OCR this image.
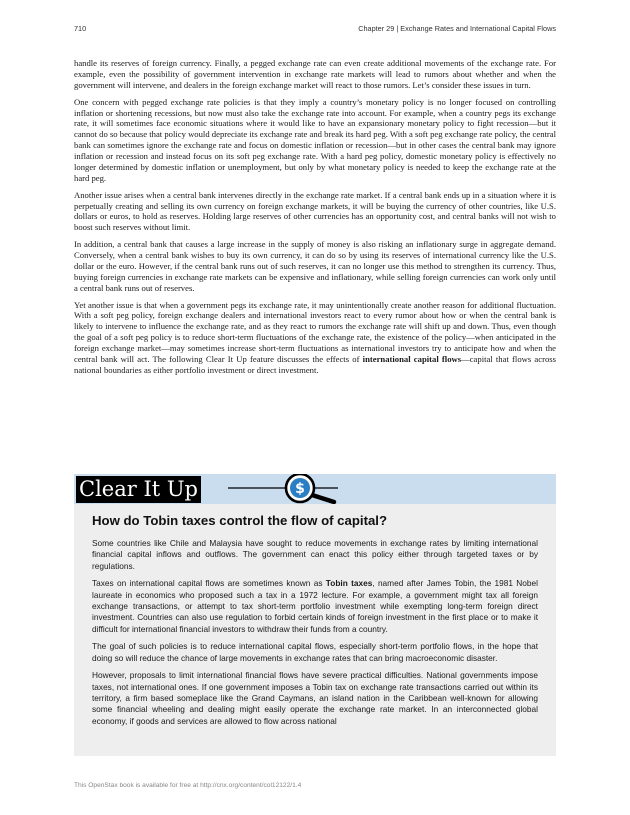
710	Chapter 29 | Exchange Rates and International Capital Flows

handle its reserves of foreign currency. Finally, a pegged exchange rate can even create additional movements of the exchange rate. For example, even the possibility of government intervention in exchange rate markets will lead to rumors about whether and when the government will intervene, and dealers in the foreign exchange market will react to those rumors. Let’s consider these issues in turn.

One concern with pegged exchange rate policies is that they imply a country’s monetary policy is no longer focused on controlling inflation or shortening recessions, but now must also take the exchange rate into account. For example, when a country pegs its exchange rate, it will sometimes face economic situations where it would like to have an expansionary monetary policy to fight recession—but it cannot do so because that policy would depreciate its exchange rate and break its hard peg. With a soft peg exchange rate policy, the central bank can sometimes ignore the exchange rate and focus on domestic inflation or recession—but in other cases the central bank may ignore inflation or recession and instead focus on its soft peg exchange rate. With a hard peg policy, domestic monetary policy is effectively no longer determined by domestic inflation or unemployment, but only by what monetary policy is needed to keep the exchange rate at the hard peg.

Another issue arises when a central bank intervenes directly in the exchange rate market. If a central bank ends up in a situation where it is perpetually creating and selling its own currency on foreign exchange markets, it will be buying the currency of other countries, like U.S. dollars or euros, to hold as reserves. Holding large reserves of other currencies has an opportunity cost, and central banks will not wish to boost such reserves without limit.

In addition, a central bank that causes a large increase in the supply of money is also risking an inflationary surge in aggregate demand. Conversely, when a central bank wishes to buy its own currency, it can do so by using its reserves of international currency like the U.S. dollar or the euro. However, if the central bank runs out of such reserves, it can no longer use this method to strengthen its currency. Thus, buying foreign currencies in exchange rate markets can be expensive and inflationary, while selling foreign currencies can work only until a central bank runs out of reserves.

Yet another issue is that when a government pegs its exchange rate, it may unintentionally create another reason for additional fluctuation. With a soft peg policy, foreign exchange dealers and international investors react to every rumor about how or when the central bank is likely to intervene to influence the exchange rate, and as they react to rumors the exchange rate will shift up and down. Thus, even though the goal of a soft peg policy is to reduce short-term fluctuations of the exchange rate, the existence of the policy—when anticipated in the foreign exchange market—may sometimes increase short-term fluctuations as international investors try to anticipate how and when the central bank will act. The following Clear It Up feature discusses the effects of international capital flows—capital that flows across national boundaries as either portfolio investment or direct investment.

Clear It Up	$
How do Tobin taxes control the flow of capital?

Some countries like Chile and Malaysia have sought to reduce movements in exchange rates by limiting international financial capital inflows and outflows. The government can enact this policy either through targeted taxes or by regulations.

Taxes on international capital flows are sometimes known as Tobin taxes, named after James Tobin, the 1981 Nobel laureate in economics who proposed such a tax in a 1972 lecture. For example, a government might tax all foreign exchange transactions, or attempt to tax short-term portfolio investment while exempting long-term foreign direct investment. Countries can also use regulation to forbid certain kinds of foreign investment in the first place or to make it difficult for international financial investors to withdraw their funds from a country.

The goal of such policies is to reduce international capital flows, especially short-term portfolio flows, in the hope that doing so will reduce the chance of large movements in exchange rates that can bring macroeconomic disaster.

However, proposals to limit international financial flows have severe practical difficulties. National governments impose taxes, not international ones. If one government imposes a Tobin tax on exchange rate transactions carried out within its territory, a firm based someplace like the Grand Caymans, an island nation in the Caribbean well-known for allowing some financial wheeling and dealing might easily operate the exchange rate market. In an interconnected global economy, if goods and services are allowed to flow across national

This OpenStax book is available for free at http://cnx.org/content/col12122/1.4
